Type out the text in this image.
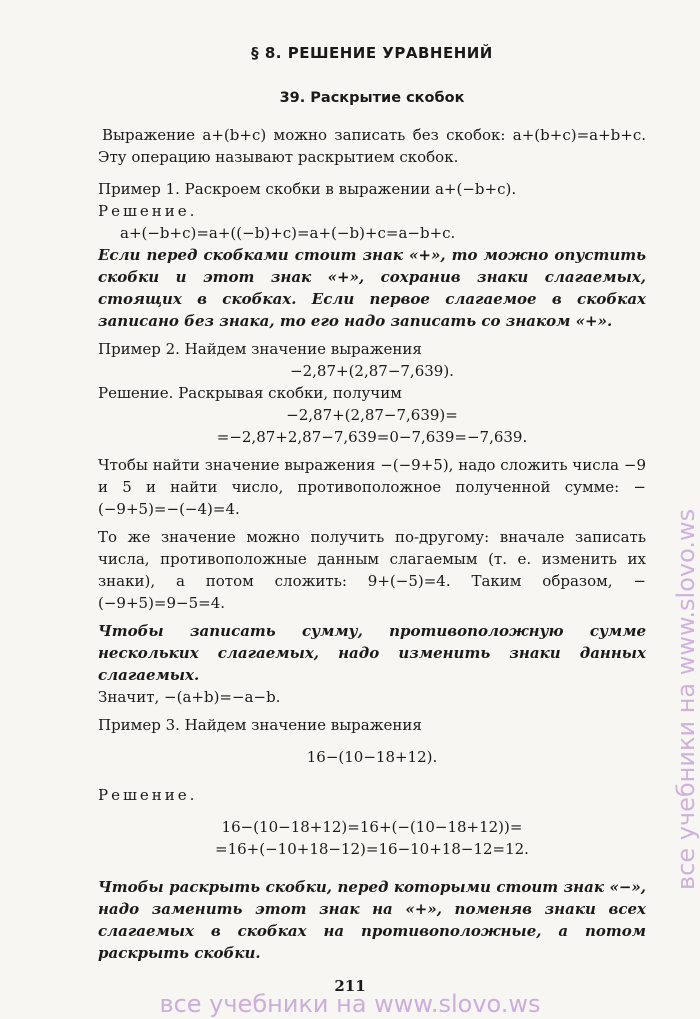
§ 8. РЕШЕНИЕ УРАВНЕНИЙ
39. Раскрытие скобок

Выражение a+(b+c) можно записать без скобок: a+(b+c)=a+b+c. Эту операцию называют раскрытием скобок.

Пример 1. Раскроем скобки в выражении a+(−b+c).

Решение.

a+(−b+c)=a+((−b)+c)=a+(−b)+c=a−b+c.

Если перед скобками стоит знак «+», то можно опустить скобки и этот знак «+», сохранив знаки слагаемых, стоящих в скобках. Если первое слагаемое в скобках записано без знака, то его надо записать со знаком «+».

Пример 2. Найдем значение выражения

−2,87+(2,87−7,639).

Решение. Раскрывая скобки, получим

−2,87+(2,87−7,639)=

=−2,87+2,87−7,639=0−7,639=−7,639.

Чтобы найти значение выражения −(−9+5), надо сложить числа −9 и 5 и найти число, противоположное полученной сумме: −(−9+5)=−(−4)=4.

То же значение можно получить по-другому: вначале записать числа, противоположные данным слагаемым (т. е. изменить их знаки), а потом сложить: 9+(−5)=4. Таким образом, −(−9+5)=9−5=4.

Чтобы записать сумму, противоположную сумме нескольких слагаемых, надо изменить знаки данных слагаемых.

Значит, −(a+b)=−a−b.

Пример 3. Найдем значение выражения

16−(10−18+12).

Решение.

16−(10−18+12)=16+(−(10−18+12))=

=16+(−10+18−12)=16−10+18−12=12.

Чтобы раскрыть скобки, перед которыми стоит знак «−», надо заменить этот знак на «+», поменяв знаки всех слагаемых в скобках на противоположные, а потом раскрыть скобки.

211
все учебники на www.slovo.ws
все учебники на www.slovo.ws
